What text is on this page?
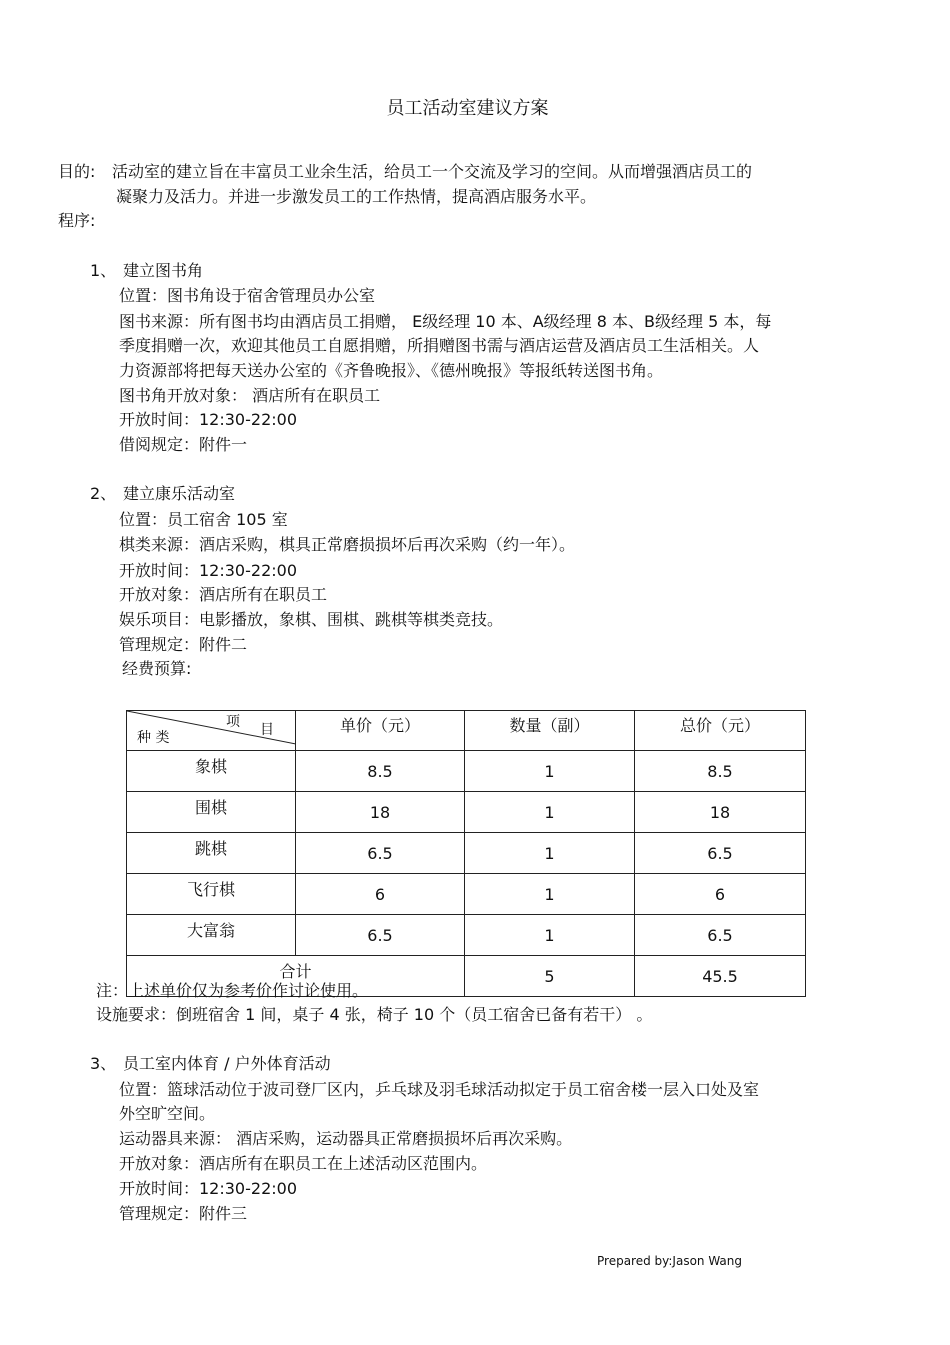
员工活动室建议方案
目的: 活动室的建立旨在丰富员工业余生活，给员工一个交流及学习的空间。从而增强酒店员工的
凝聚力及活力。并进一步激发员工的工作热情，提高酒店服务水平。
程序:
1、 建立图书角
位置：图书角设于宿舍管理员办公室
图书来源：所有图书均由酒店员工捐赠， E级经理 10 本、A级经理 8 本、B级经理 5 本，每
季度捐赠一次，欢迎其他员工自愿捐赠，所捐赠图书需与酒店运营及酒店员工生活相关。人
力资源部将把每天送办公室的《齐鲁晚报》、《德州晚报》等报纸转送图书角。
图书角开放对象： 酒店所有在职员工
开放时间：12:30-22:00
借阅规定：附件一
2、 建立康乐活动室
位置：员工宿舍 105 室
棋类来源：酒店采购，棋具正常磨损损坏后再次采购（约一年）。
开放时间：12:30-22:00
开放对象：酒店所有在职员工
娱乐项目：电影播放，象棋、围棋、跳棋等棋类竞技。
管理规定：附件二
经费预算:
项 目
种 类	单价（元）	数量（副）	总价（元）
象棋	8.5	1	8.5
围棋	18	1	18
跳棋	6.5	1	6.5
飞行棋	6	1	6
大富翁	6.5	1	6.5
合计		5	45.5
注：上述单价仅为参考价作讨论使用。
设施要求：倒班宿舍 1 间，桌子 4 张，椅子 10 个（员工宿舍已备有若干） 。
3、 员工室内体育 / 户外体育活动
位置：篮球活动位于波司登厂区内，乒乓球及羽毛球活动拟定于员工宿舍楼一层入口处及室
外空旷空间。
运动器具来源： 酒店采购，运动器具正常磨损损坏后再次采购。
开放对象：酒店所有在职员工在上述活动区范围内。
开放时间：12:30-22:00
管理规定：附件三
Prepared by:Jason Wang
